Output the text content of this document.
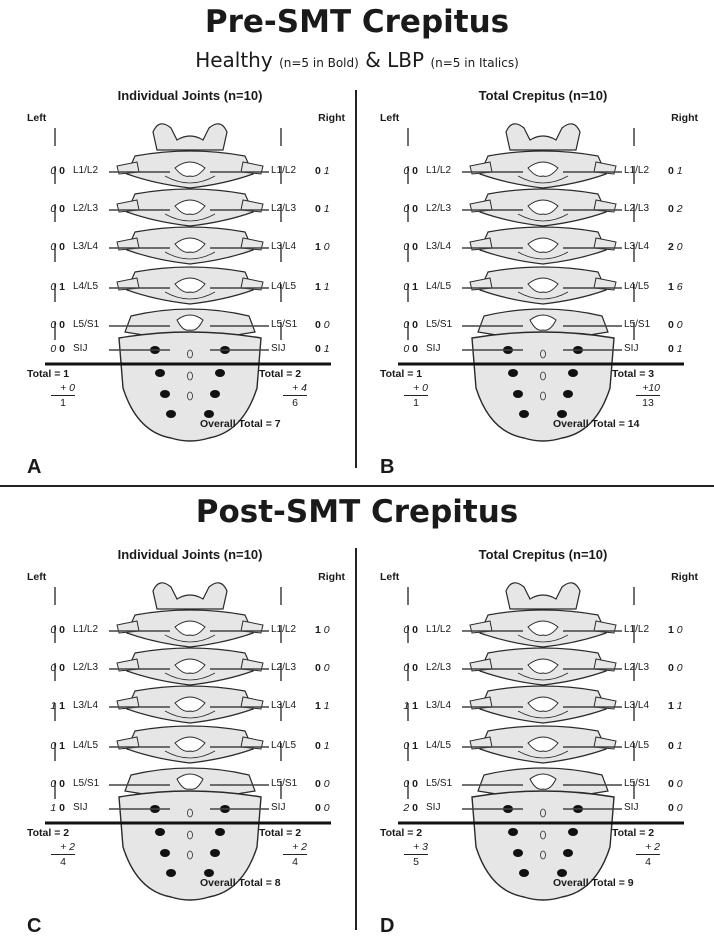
Pre-SMT Crepitus
Healthy (n=5 in Bold) & LBP (n=5 in Italics)
Post-SMT Crepitus
Individual Joints (n=10)
Left	Right
L1/L2	L1/L2
0 0	0 1
L2/L3	L2/L3
0 0	0 1
L3/L4	L3/L4
0 0	1 0
L4/L5	L4/L5
0 1	1 1
L5/S1	L5/S1
0 0	0 0
SIJ	SIJ
0 0	0 1
Total = 1
+ 0
1
Total = 2
+ 4
6
Overall Total = 7
A
Total Crepitus (n=10)
Left	Right
L1/L2	L1/L2
0 0	0 1
L2/L3	L2/L3
0 0	0 2
L3/L4	L3/L4
0 0	2 0
L4/L5	L4/L5
0 1	1 6
L5/S1	L5/S1
0 0	0 0
SIJ	SIJ
0 0	0 1
Total = 1
+ 0
1
Total = 3
+10
13
Overall Total = 14
B
Individual Joints (n=10)
Left	Right
L1/L2	L1/L2
0 0	1 0
L2/L3	L2/L3
0 0	0 0
L3/L4	L3/L4
1 1	1 1
L4/L5	L4/L5
0 1	0 1
L5/S1	L5/S1
0 0	0 0
SIJ	SIJ
1 0	0 0
Total = 2
+ 2
4
Total = 2
+ 2
4
Overall Total = 8
C
Total Crepitus (n=10)
Left	Right
L1/L2	L1/L2
0 0	1 0
L2/L3	L2/L3
0 0	0 0
L3/L4	L3/L4
1 1	1 1
L4/L5	L4/L5
0 1	0 1
L5/S1	L5/S1
0 0	0 0
SIJ	SIJ
2 0	0 0
Total = 2
+ 3
5
Total = 2
+ 2
4
Overall Total = 9
D
